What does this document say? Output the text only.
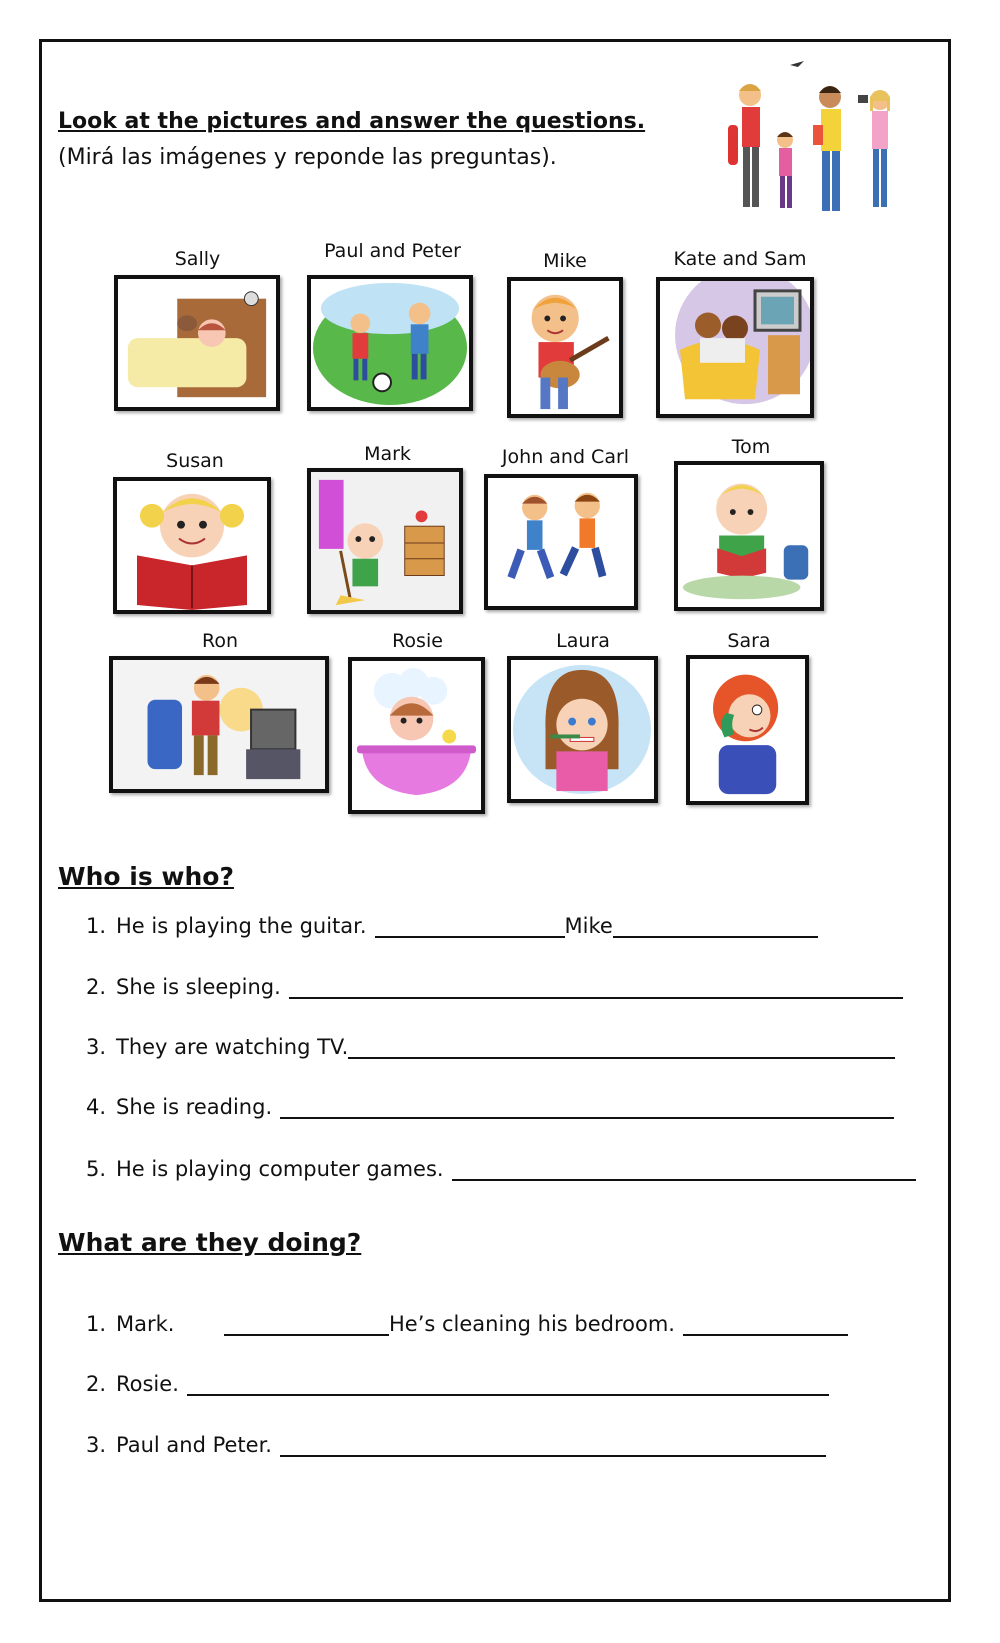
Look at the pictures and answer the questions. (Mirá las imágenes y reponde las preguntas).
Sally	Paul and Peter	Mike	Kate and Sam
Susan	Mark	John and Carl	Tom
Ron	Rosie	Laura	Sara
Who is who?
1. He is playing the guitar.	Mike
2. She is sleeping.
3. They are watching TV.
4. She is reading.
5. He is playing computer games.
What are they doing?
1. Mark.	He’s cleaning his bedroom.
2. Rosie.
3. Paul and Peter.
